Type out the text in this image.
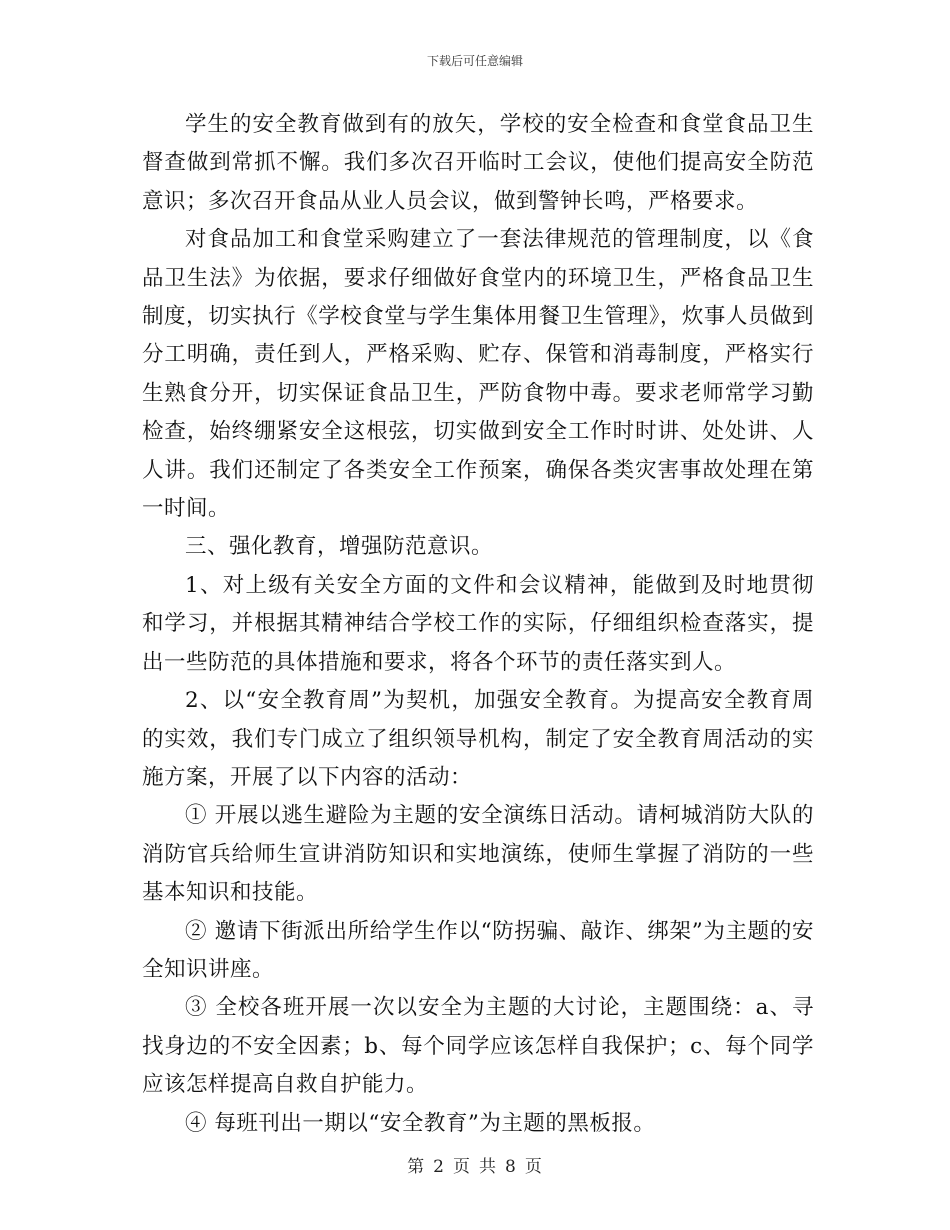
下载后可任意编辑

学生的安全教育做到有的放矢，学校的安全检查和食堂食品卫生督查做到常抓不懈。我们多次召开临时工会议，使他们提高安全防范意识；多次召开食品从业人员会议，做到警钟长鸣，严格要求。

对食品加工和食堂采购建立了一套法律规范的管理制度，以《食品卫生法》为依据，要求仔细做好食堂内的环境卫生，严格食品卫生制度，切实执行《学校食堂与学生集体用餐卫生管理》，炊事人员做到分工明确，责任到人，严格采购、贮存、保管和消毒制度，严格实行生熟食分开，切实保证食品卫生，严防食物中毒。要求老师常学习勤检查，始终绷紧安全这根弦，切实做到安全工作时时讲、处处讲、人人讲。我们还制定了各类安全工作预案，确保各类灾害事故处理在第一时间。

三、强化教育，增强防范意识。

1、对上级有关安全方面的文件和会议精神，能做到及时地贯彻和学习，并根据其精神结合学校工作的实际，仔细组织检查落实，提出一些防范的具体措施和要求，将各个环节的责任落实到人。

2、以“安全教育周”为契机，加强安全教育。为提高安全教育周的实效，我们专门成立了组织领导机构，制定了安全教育周活动的实施方案，开展了以下内容的活动：

① 开展以逃生避险为主题的安全演练日活动。请柯城消防大队的消防官兵给师生宣讲消防知识和实地演练，使师生掌握了消防的一些基本知识和技能。

② 邀请下街派出所给学生作以“防拐骗、敲诈、绑架”为主题的安全知识讲座。

③ 全校各班开展一次以安全为主题的大讨论，主题围绕：a、寻找身边的不安全因素；b、每个同学应该怎样自我保护；c、每个同学应该怎样提高自救自护能力。

④ 每班刊出一期以“安全教育”为主题的黑板报。

第 2 页 共 8 页
